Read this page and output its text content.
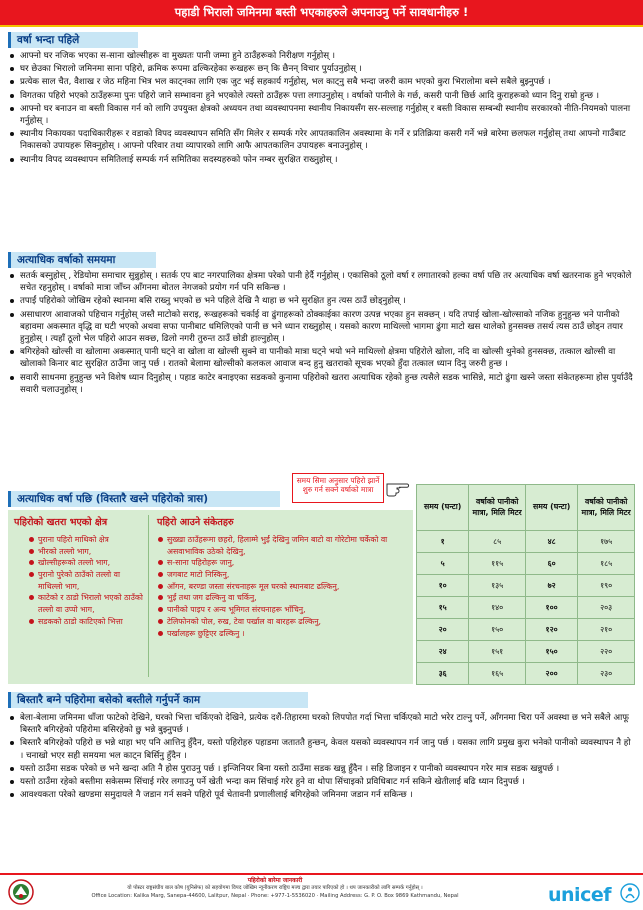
पहाडी भिरालो जमिनमा बस्ती भएकाहरुले अपनाउनु पर्ने सावधानीहरु !
वर्षा भन्दा पहिले
आफ्नो घर नजिक भएका स-साना खोल्सीहरू वा मुख्यतः पानी जम्मा हुने ठाउँहरूको निरीक्षण गर्नुहोस् ।
घर छेउका भिरालो जमिनमा साना पहिरो, क्रमिक रूपमा ढल्किरहेका रूखहरू छन् कि छैनन् विचार पुर्याउनुहोस् ।
प्रत्येक साल चैत, वैशाख र जेठ महिना भित्र भल काट्नका लागि एक जुट भई सहकार्य गर्नुहोस्, भल काट्नु सबै भन्दा जरुरी काम भएको कुरा भिरालोमा बस्ने सबैले बुझ्नुपर्छ ।
विगतका पहिरो भएको ठाउँहरूमा पुनः पहिरो जाने सम्भावना हुने भएकोले त्यस्तो ठाउँहरू पत्ता लगाउनुहोस् । वर्षाको पानीले के गर्छ, कसरी पानी छिर्छ आदि कुराहरूको ध्यान दिनु राम्रो हुन्छ ।
आफ्नो घर बनाउन वा बस्ती विकास गर्न को लागि उपयुक्त क्षेत्रको अध्ययन तथा व्यवस्थापनमा स्थानीय निकायसँग सर-सल्लाह गर्नुहोस् र बस्ती विकास सम्बन्धी स्थानीय सरकारको नीति-नियमको पालना गर्नुहोस् ।
स्थानीय निकायका पदाधिकारीहरू र वडाको विपद व्यवस्थापन समिति सँग मिलेर र सम्पर्क गरेर आपतकालिन अवस्थामा के गर्ने र प्रतिक्रिया कसरी गर्ने भन्ने बारेमा छलफल गर्नुहोस् तथा आफ्नो गाउँबाट निकासको उपायहरू सिक्नुहोस् । आफ्नो परिवार तथा व्यापारको लागि आफै आपतकालिन उपायहरू बनाउनुहोस् ।
स्थानीय विपद व्यवस्थापन समितिलाई सम्पर्क गर्न समितिका सदस्यहरुको फोन नम्बर सुरक्षित राख्नुहोस् ।
अत्याधिक वर्षाको समयमा
सतर्क बस्नुहोस् , रेडियोमा समाचार सुन्नुहोस् । सतर्क एप बाट नगरपालिका क्षेत्रमा परेको पानी हेर्दै गर्नुहोस् । एकासिको ठूलो वर्षा र लगातारको हल्का वर्षा पछि तर अत्याधिक वर्षा खतरनाक हुने भएकोले सचेत रहनुहोस् । वर्षाको मात्रा जाँच्न आँगनमा बोतल नेगजको प्रयोग गर्न पनि सकिन्छ ।
तपाईं पहिरोको जोखिम रहेको स्थानमा बसि राख्नु भएको छ भने पहिले देखि नै थाहा छ भने सुरक्षित हुन त्यस ठाउँ छोड्नुहोस् ।
असाधारण आवाजको पहिचान गर्नुहोस् जस्तै माटोको सराइ, रूखहरूको चर्काई वा ढुंगाहरूको ठोक्काईका कारण उत्पन्न भएका हुन सक्छन् । यदि तपाई खोला-खोल्साको नजिक हुनुहुन्छ भने पानीको बहावमा अकस्मात वृद्धि वा घटी भएको अथवा सफा पानीबाट धमिलिएको पानी छ भने ध्यान राख्नुहोस् । यसको कारण माथिल्लो भागमा ढुंगा माटो खस थालेको हुनसक्छ तसर्थ त्यस ठाउँ छोड्न तयार हुनुहोस् । त्यहाँ ठूलो भेल पहिरो आउन सक्छ, ढिलो नगरी तुरुन्त ठाउँ छोडी हाल्नुहोस् ।
बगिरहेको खोल्सी वा खोलामा अकस्मात् पानी घट्ने वा खोला वा खोल्सी सुक्ने वा पानीको मात्रा घट्ने भयो भने माथिल्लो क्षेत्रमा पहिरोले खोला, नदि वा खोल्सी थुनेको हुनसक्छ, तत्काल खोल्सी वा खोलाको किनार बाट सुरक्षित ठाउँमा जानु पर्छ । रातको बेलामा खोल्सीको कलकल आवाज बन्द हुनु खतराको सूचक भएको हुँदा तत्काल ध्यान दिनु जरुरी हुन्छ ।
सवारी साधनमा हुनुहुन्छ भने विशेष ध्यान दिनुहोस् । पहाड काटेर बनाइएका सडकको कुनामा पहिरोको खतरा अत्याधिक रहेको हुन्छ त्यसैले सडक भासिन्ने, माटो ढुंगा खस्ने जस्ता संकेतहरूमा होस पुर्याउँदै सवारी चलाउनुहोस् ।
अत्याधिक वर्षा पछि (विस्तारै खस्ने पहिरोको त्रास)
समय सिमा अनुसार पहिरो झार्ने शुरु गर्न सक्ने वर्षाको मात्रा
पहिरोको खतरा भएको क्षेत्र
पुराना पहिरो माथिको क्षेत्र
भीरको तल्लो भाग,
खोल्सीहरूको तल्लो भाग,
पुरानो पुरेको ठाउँको तल्लो वा माथिल्लो भाग,
काटेको र ठाडो भिरालो भएको ठाउँको तल्लो वा उप्पो भाग,
सडकको ठाडो काटिएको भित्ता
पहिरो आउने संकेतहरु
सुख्खा ठाउँहरूमा छहरो, हिलाम्मे भुईं देखिनु जमिन बाटो वा गोरेटोमा चर्केको वा असवाभाविक उठेको देखिनु,
स-साना पहिरोहरू जानु,
जगबाट माटो निस्किनु,
आँगन, बरण्डा जस्ता संरचनाहरू मूल घरको स्थानबाट ढल्किनु,
भुईं तथा जग ढल्किनु वा चर्किनु,
पानीको पाइप र अन्य भूमिगत संरचनाहरू भाँचिनु,
टेलिफोनको पोल, रुख, टेवा पर्खाल वा बारहरू ढल्किनु,
पर्खालहरू छुट्टिएर ढल्किनु ।
समय (घन्टा)	वर्षाको पानीको मात्रा, मिलि मिटर	समय (घन्टा)	वर्षाको पानीको मात्रा, मिलि मिटर
१	८५	४८	१७५
५	११५	६०	१८५
१०	१३५	७२	१९०
१५	१४०	१००	२०३
२०	१५०	१२०	२१०
२४	१५१	१५०	२२०
३६	१६५	२००	२३०
बिस्तारै बग्ने पहिरोमा बसेको बस्तीले गर्नुपर्ने काम
बेला-बेलामा जमिनमा धाँजा फाटेको देखिने, घरको भित्ता चर्किएको देखिने, प्रत्येक दशैं-तिहारमा घरको लिपपोत गर्दा भित्ता चर्किएको माटो भरेर टाल्नु पर्ने, आँगनमा चिरा पर्ने अवस्था छ भने सबैले आफू बिस्तारै बगिरहेको पहिरोमा बसिरहेको छु भन्ने बुझ्नुपर्छ ।
बिस्तारै बगिरहेको पहिरो छ भन्ने थाहा भए पनि आत्तिनु हुँदैन, यस्तो पहिरोहरु पहाडमा जताततै हुन्छन्, केवल यसको व्यवस्थापन गर्न जानु पर्छ । यसका लागि प्रमुख कुरा भनेको पानीको व्यवस्थापन नै हो । चनाखो भएर सही समयमा भल काट्न बिर्सिनु हुँदैन ।
यस्तो ठाउँमा सडक परेको छ भने खन्दा अति नै होस पुराउनु पर्छ । इन्जिनियर बिना यस्तो ठाउँमा सडक खन्नु हुँदैन । सहि डिजाइन र पानीको व्यवस्थापन गरेर मात्र सडक खन्नुपर्छ ।
यस्तो ठाउँमा रहेको बस्तीमा सकेसम्म सिंचाई गरेर लगाउनु पर्ने खेती भन्दा कम सिंचाई गरेर हुने वा थोपा सिंचाइको प्रविधिबाट गर्न सकिने खेतीलाई बढि ध्यान दिनुपर्छ ।
आवश्यकता परेको खण्डमा समुदायले नै जडान गर्न सक्ने पहिरो पूर्व चेतावनी प्रणालीलाई बगिरहेको जमिनमा जडान गर्न सकिन्छ ।
पहिरोको बारेमा जानकारी
यो पोस्टर राष्ट्रसंघीय बाल कोष (युनिसेफ) को सहयोगमा विपद जोखिम न्यूनीकरण राष्ट्रिय मञ्च द्वारा तयार पारिएको हो । थप जानकारीको लागि सम्पर्क गर्नुहोस् ।
Office Location: Kalika Marg, Sanepa-44600, Lalitpur, Nepal · Phone: +977-1-5536020 · Mailing Address: G. P. O. Box 9869 Kathmandu, Nepal	unicef
